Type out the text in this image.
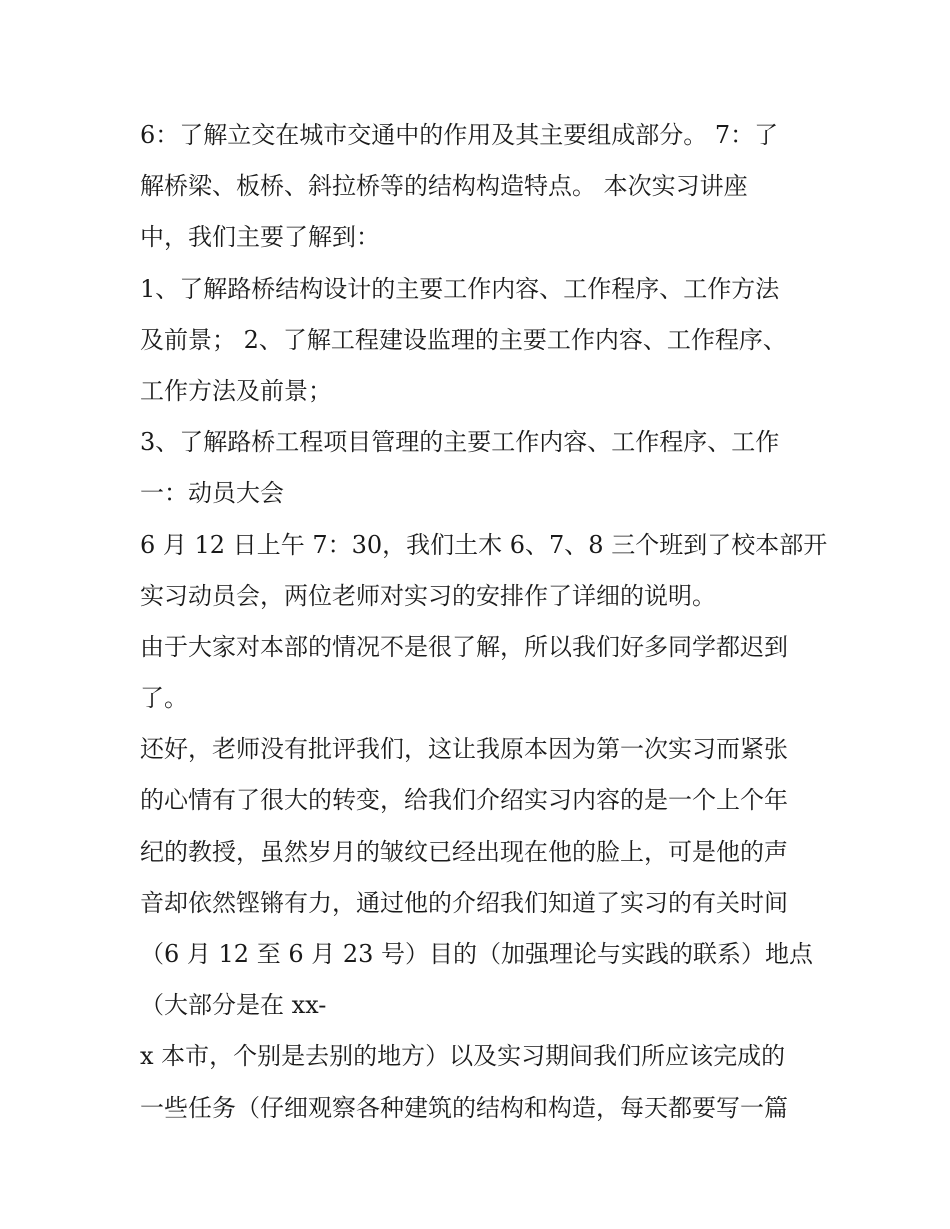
6：了解立交在城市交通中的作用及其主要组成部分。 7：了
解桥梁、板桥、斜拉桥等的结构构造特点。 本次实习讲座
中，我们主要了解到：
1、了解路桥结构设计的主要工作内容、工作程序、工作方法
及前景； 2、了解工程建设监理的主要工作内容、工作程序、
工作方法及前景；
3、了解路桥工程项目管理的主要工作内容、工作程序、工作
一：动员大会
6 月 12 日上午 7：30，我们土木 6、7、8 三个班到了校本部开
实习动员会，两位老师对实习的安排作了详细的说明。
由于大家对本部的情况不是很了解，所以我们好多同学都迟到
了。
还好，老师没有批评我们，这让我原本因为第一次实习而紧张
的心情有了很大的转变，给我们介绍实习内容的是一个上个年
纪的教授，虽然岁月的皱纹已经出现在他的脸上，可是他的声
音却依然铿锵有力，通过他的介绍我们知道了实习的有关时间
（6 月 12 至 6 月 23 号）目的（加强理论与实践的联系）地点
（大部分是在 xx-
x 本市，个别是去别的地方）以及实习期间我们所应该完成的
一些任务（仔细观察各种建筑的结构和构造，每天都要写一篇
